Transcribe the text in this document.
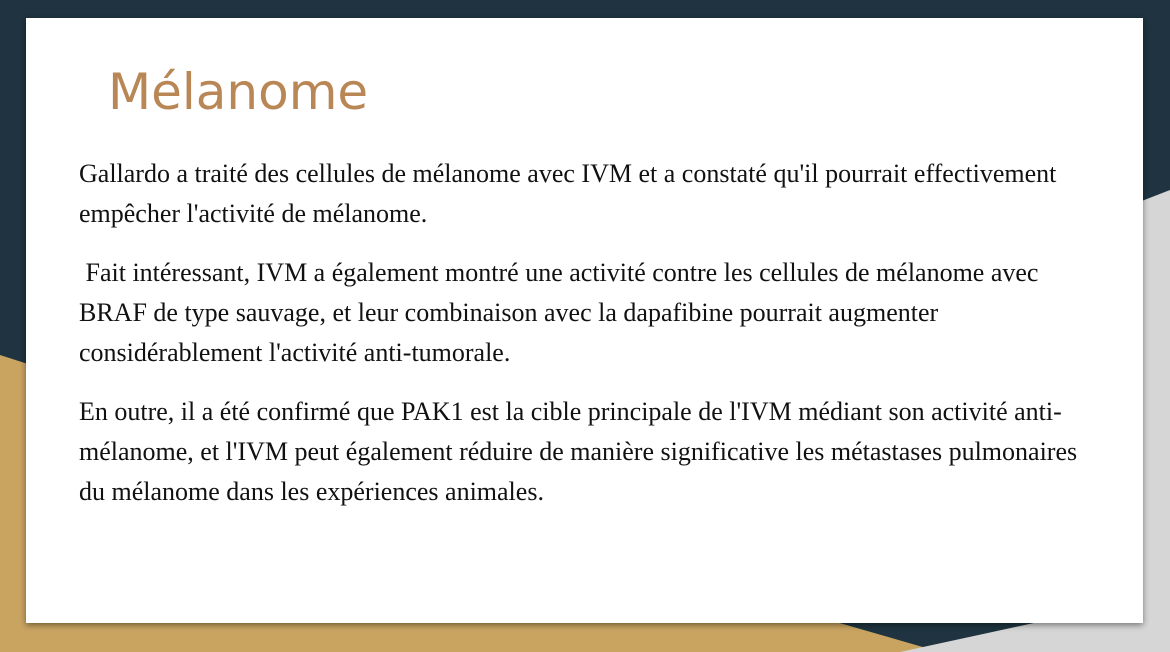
Mélanome

Gallardo a traité des cellules de mélanome avec IVM et a constaté qu'il pourrait effectivement empêcher l'activité de mélanome.

Fait intéressant, IVM a également montré une activité contre les cellules de mélanome avec BRAF de type sauvage, et leur combinaison avec la dapafibine pourrait augmenter considérablement l'activité anti-tumorale.

En outre, il a été confirmé que PAK1 est la cible principale de l'IVM médiant son activité anti-mélanome, et l'IVM peut également réduire de manière significative les métastases pulmonaires du mélanome dans les expériences animales.
